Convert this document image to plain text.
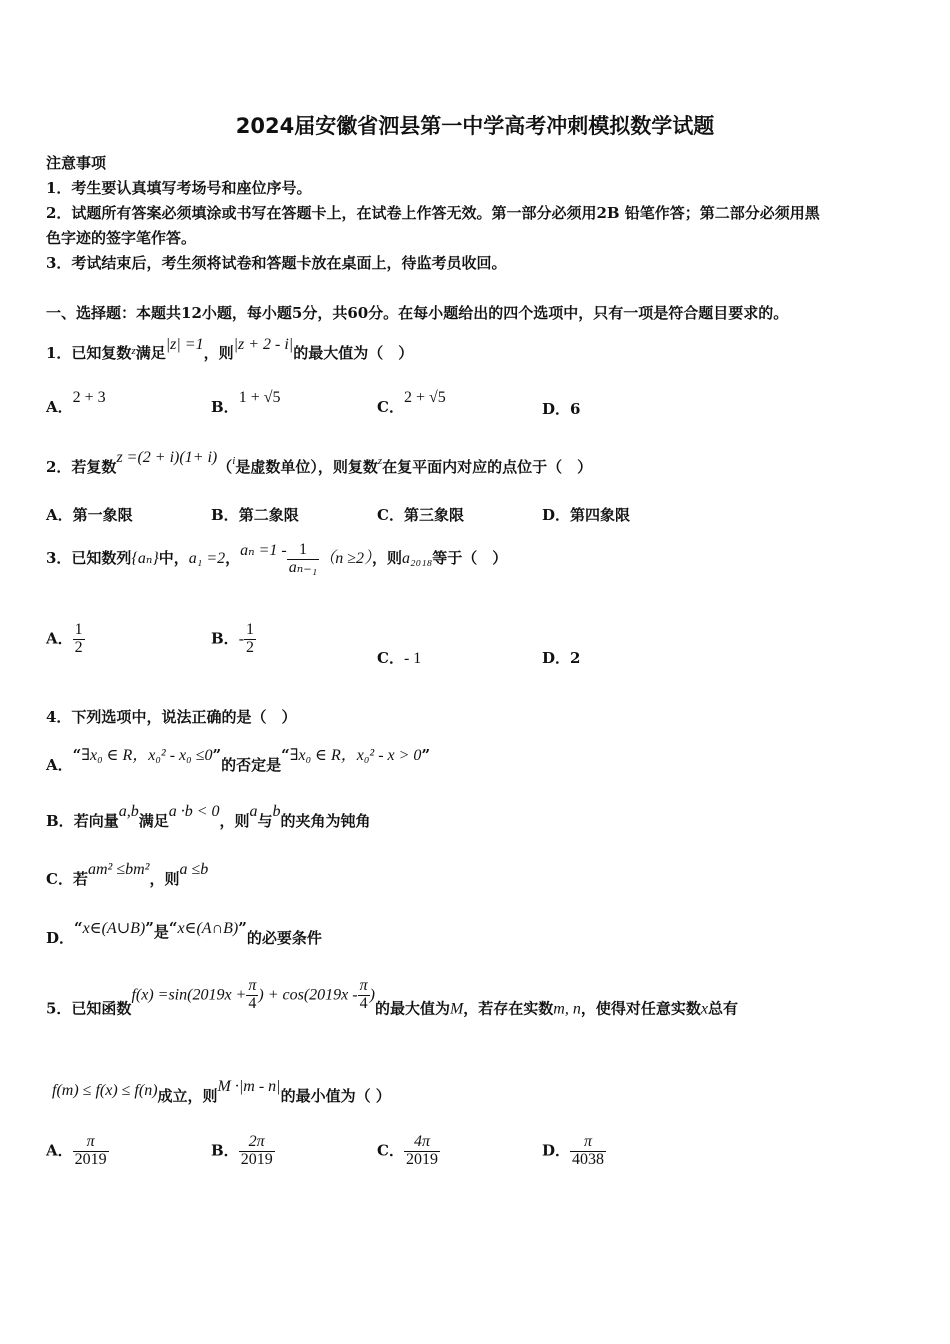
2024届安徽省泗县第一中学高考冲刺模拟数学试题
注意事项
1．考生要认真填写考场号和座位序号。
2．试题所有答案必须填涂或书写在答题卡上，在试卷上作答无效。第一部分必须用2B 铅笔作答；第二部分必须用黑
色字迹的签字笔作答。
3．考试结束后，考生须将试卷和答题卡放在桌面上，待监考员收回。
一、选择题：本题共12小题，每小题5分，共60分。在每小题给出的四个选项中，只有一项是符合题目要求的。
1．已知复数$^z$满足|z| =1，则|z + 2 - i|的最大值为（　）
A．2 + 3
B．1 + √5
C．2 + √5
D．6
2．若复数z =(2 + i)(1+ i)（i是虚数单位），则复数z在复平面内对应的点位于（　）
A．第一象限	B．第二象限	C．第三象限	D．第四象限
3．已知数列{aₙ}中，a₁ =2，$a_n =1 - \frac{1}{\text{aₙ₋₁}} (n \ge 2)$，则a₂₀₁₈等于（　）
A． $\frac{1}{2}$	B．- $\frac{1}{2}$
C．- 1	D．2
4．下列选项中，说法正确的是（　）
A．“∃x₀ ∈ R，x₀² - x₀ ≤0”的否定是“∃x₀ ∈ R，x₀² - x > 0”
B．若向量a,b满足a ·b < 0，则a与b的夹角为钝角
C．若am² ≤bm²，则a ≤b
D．“x∈(A∪B)”是“x∈(A∩B)”的必要条件
5．已知函数$f(x) =\sin(2019x + \frac{\pi}{4}$ ) + $\cos(2019x - \frac{\pi}{4}$ )的最大值为M，若存在实数m, n，使得对任意实数x总有
f(m) ≤ f(x) ≤ f(n)成立，则M ·|m - n|的最小值为（ ）
A． $\frac{\pi}{2019}$	B． $\frac{2\pi}{2019}$	C． $\frac{4\pi}{2019}$	D． $\frac{\pi}{4038}$
